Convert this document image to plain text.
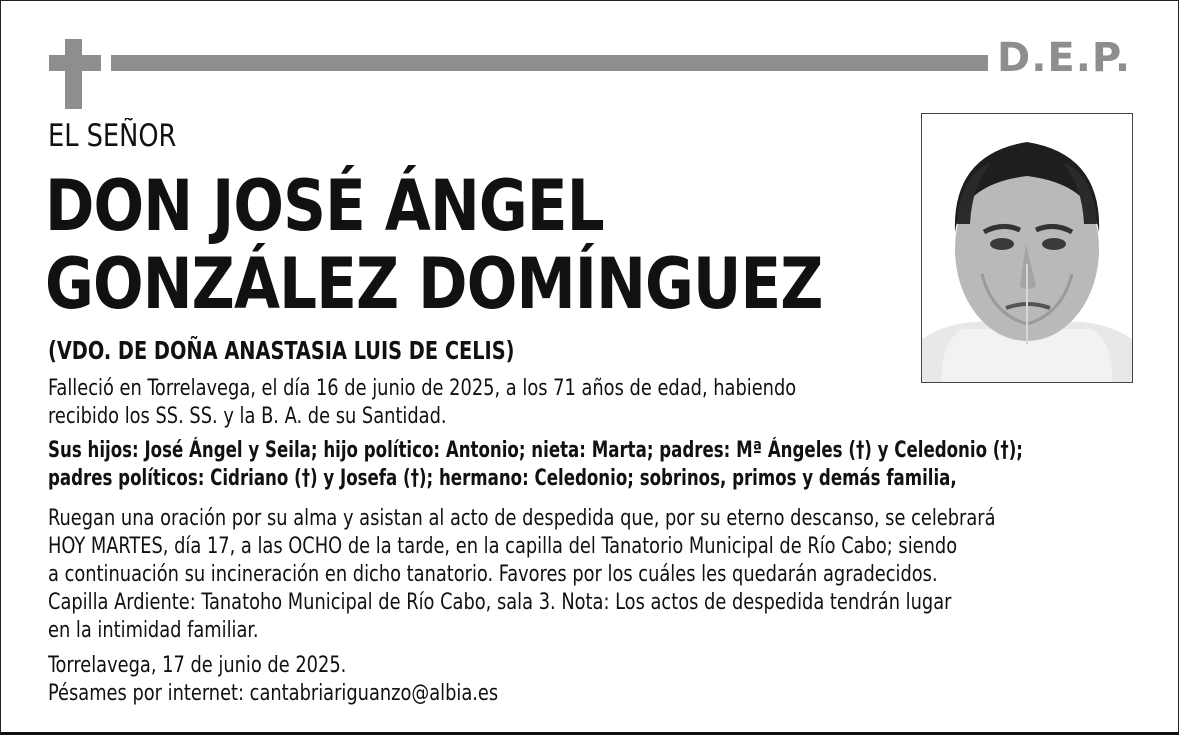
D.E.P.
EL SEÑOR
DON JOSÉ ÁNGEL
GONZÁLEZ DOMÍNGUEZ
(VDO. DE DOÑA ANASTASIA LUIS DE CELIS)
Falleció en Torrelavega, el día 16 de junio de 2025, a los 71 años de edad, habiendo
recibido los SS. SS. y la B. A. de su Santidad.
Sus hijos: José Ángel y Seila; hijo político: Antonio; nieta: Marta; padres: Mª Ángeles (†) y Celedonio (†);
padres políticos: Cidriano (†) y Josefa (†); hermano: Celedonio; sobrinos, primos y demás familia,
Ruegan una oración por su alma y asistan al acto de despedida que, por su eterno descanso, se celebrará
HOY MARTES, día 17, a las OCHO de la tarde, en la capilla del Tanatorio Municipal de Río Cabo; siendo
a continuación su incineración en dicho tanatorio. Favores por los cuáles les quedarán agradecidos.
Capilla Ardiente: Tanatoho Municipal de Río Cabo, sala 3. Nota: Los actos de despedida tendrán lugar
en la intimidad familiar.
Torrelavega, 17 de junio de 2025.
Pésames por internet: cantabriariguanzo@albia.es
